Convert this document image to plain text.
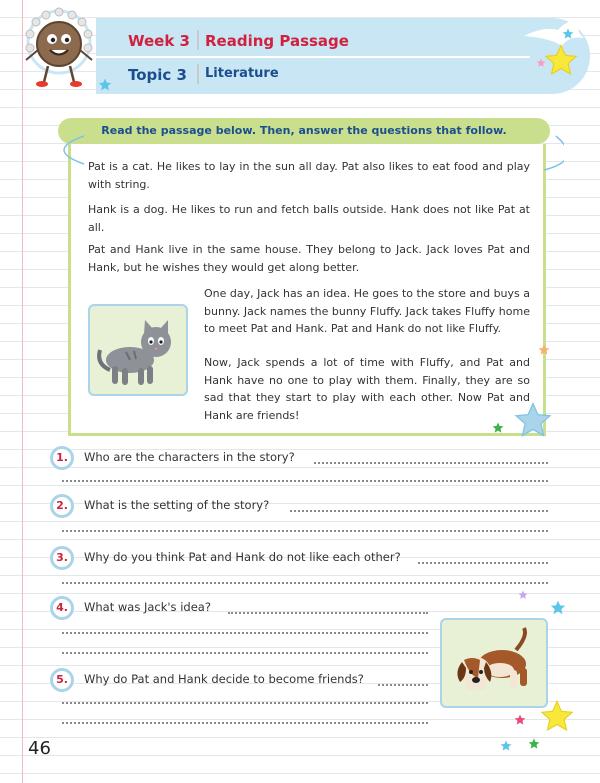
Week 3 Reading Passage
Topic 3 Literature
Read the passage below. Then, answer the questions that follow.

Pat is a cat. He likes to lay in the sun all day. Pat also likes to eat food and play with string.

Hank is a dog. He likes to run and fetch balls outside. Hank does not like Pat at all.

Pat and Hank live in the same house. They belong to Jack. Jack loves Pat and Hank, but he wishes they would get along better.

One day, Jack has an idea. He goes to the store and buys a bunny. Jack names the bunny Fluffy. Jack takes Fluffy home to meet Pat and Hank. Pat and Hank do not like Fluffy.

Now, Jack spends a lot of time with Fluffy, and Pat and Hank have no one to play with them. Finally, they are so sad that they start to play with each other. Now Pat and Hank are friends!

1.	Who are the characters in the story?
2.	What is the setting of the story?
3.	Why do you think Pat and Hank do not like each other?
4.	What was Jack's idea?
5.	Why do Pat and Hank decide to become friends?
46
